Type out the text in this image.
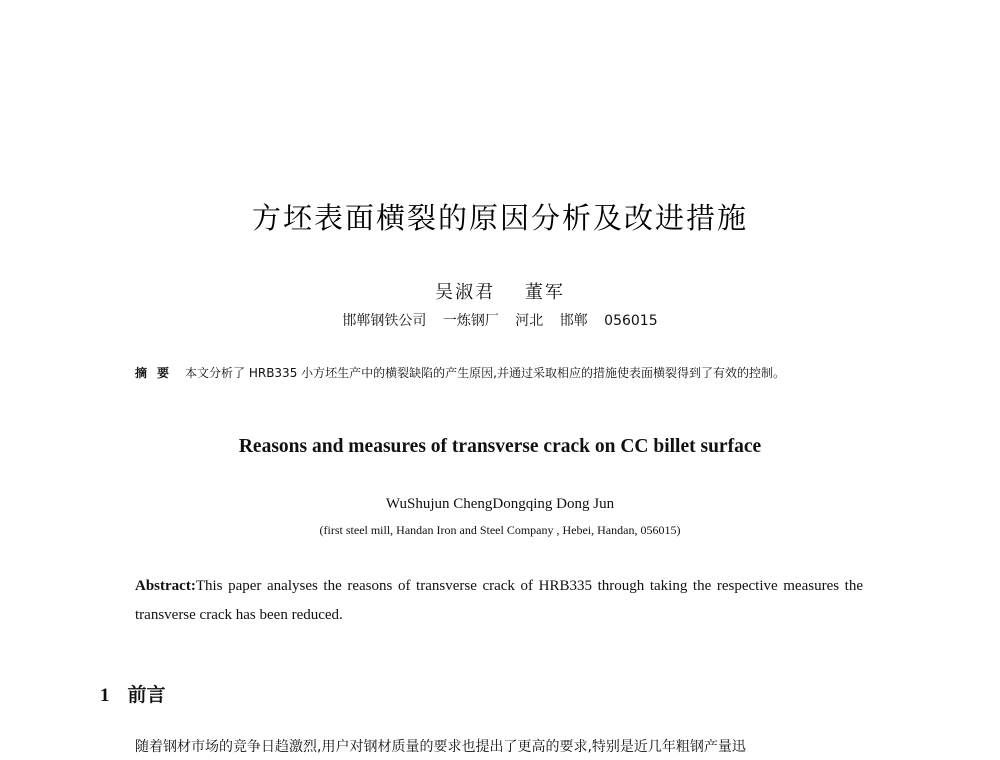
方坯表面横裂的原因分析及改进措施
吴淑君 董军
邯郸钢铁公司 一炼钢厂 河北 邯郸 056015
摘要 本文分析了 HRB335 小方坯生产中的横裂缺陷的产生原因,并通过采取相应的措施使表面横裂得到了有效的控制。
Reasons and measures of transverse crack on CC billet surface
WuShujun ChengDongqing Dong Jun
(first steel mill, Handan Iron and Steel Company , Hebei, Handan, 056015)
Abstract:This paper analyses the reasons of transverse crack of HRB335 through taking the respective measures the transverse crack has been reduced.
1 前言
随着钢材市场的竞争日趋激烈,用户对钢材质量的要求也提出了更高的要求,特别是近几年粗钢产量迅
